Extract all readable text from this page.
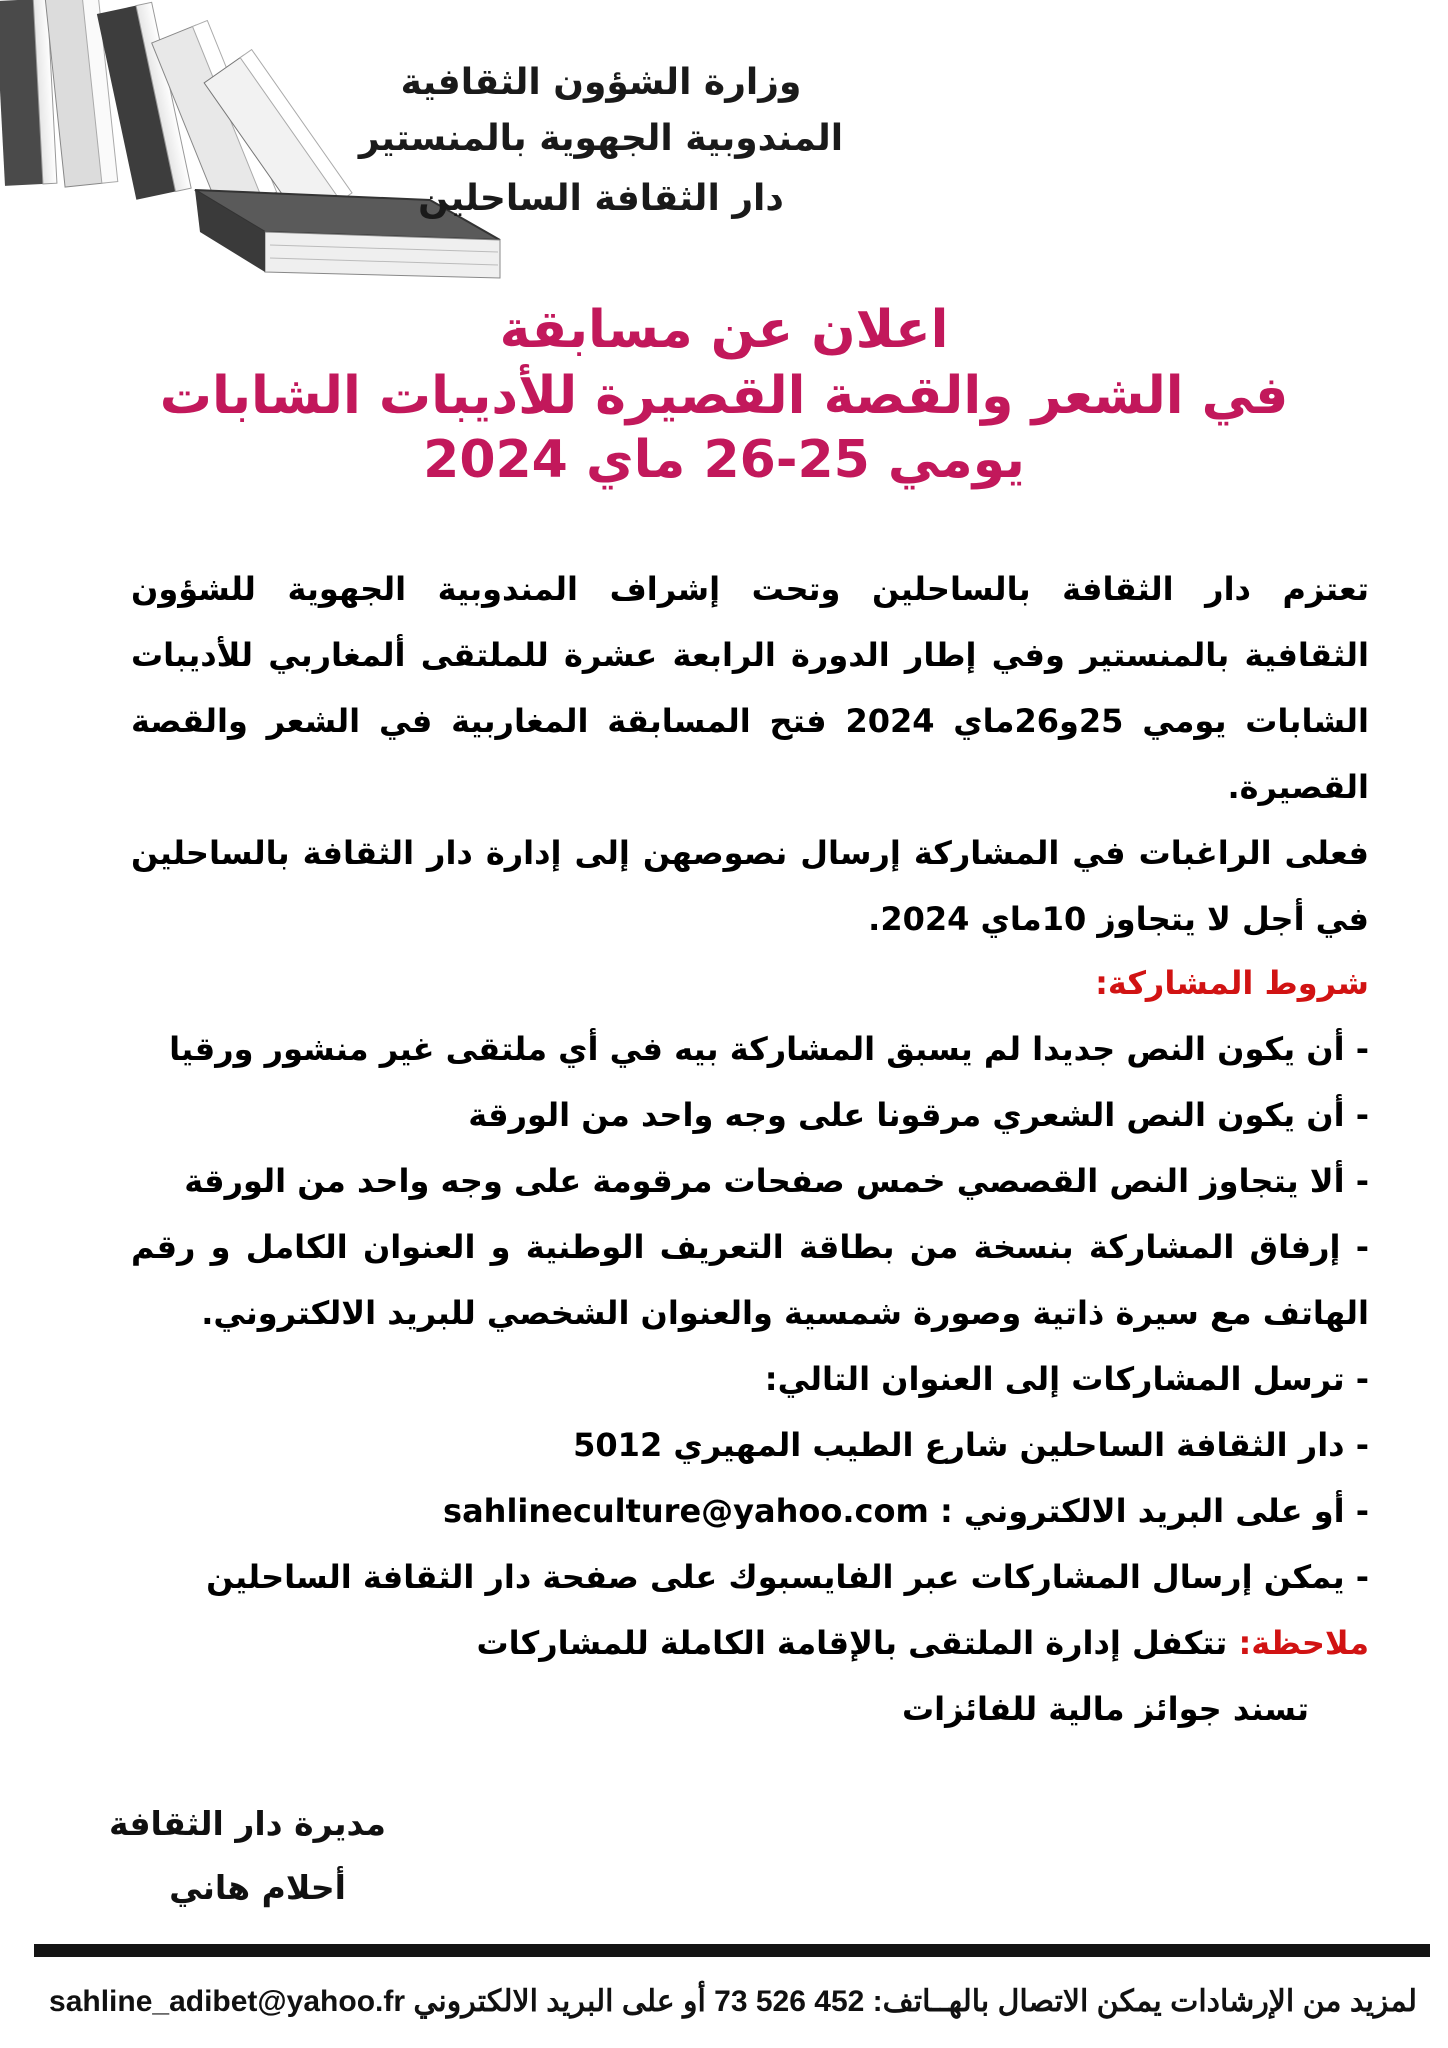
وزارة الشؤون الثقافية
المندوبية الجهوية بالمنستير
دار الثقافة الساحلين
اعلان عن مسابقة
في الشعر والقصة القصيرة للأديبات الشابات
يومي 25-26 ماي 2024
تعتزم دار الثقافة بالساحلين وتحت إشراف المندوبية الجهوية للشؤون
الثقافية بالمنستير وفي إطار الدورة الرابعة عشرة للملتقى ألمغاربي للأديبات
الشابات يومي 25و26ماي 2024 فتح المسابقة المغاربية في الشعر والقصة
القصيرة.
فعلى الراغبات في المشاركة إرسال نصوصهن إلى إدارة دار الثقافة بالساحلين
في أجل لا يتجاوز 10ماي 2024.
شروط المشاركة:
- أن يكون النص جديدا لم يسبق المشاركة بيه في أي ملتقى غير منشور ورقيا
- أن يكون النص الشعري مرقونا على وجه واحد من الورقة
- ألا يتجاوز النص القصصي خمس صفحات مرقومة على وجه واحد من الورقة
- إرفاق المشاركة بنسخة من بطاقة التعريف الوطنية و العنوان الكامل و رقم
الهاتف مع سيرة ذاتية وصورة شمسية والعنوان الشخصي للبريد الالكتروني.
- ترسل المشاركات إلى العنوان التالي:
- دار الثقافة الساحلين شارع الطيب المهيري 5012
- أو على البريد الالكتروني : sahlineculture@yahoo.com
- يمكن إرسال المشاركات عبر الفايسبوك على صفحة دار الثقافة الساحلين
ملاحظة: تتكفل إدارة الملتقى بالإقامة الكاملة للمشاركات
تسند جوائز مالية للفائزات
مديرة دار الثقافة
أحلام هاني
لمزيد من الإرشادات يمكن الاتصال بالهــاتف: 452 526 73 أو على البريد الالكتروني sahline_adibet@yahoo.fr
